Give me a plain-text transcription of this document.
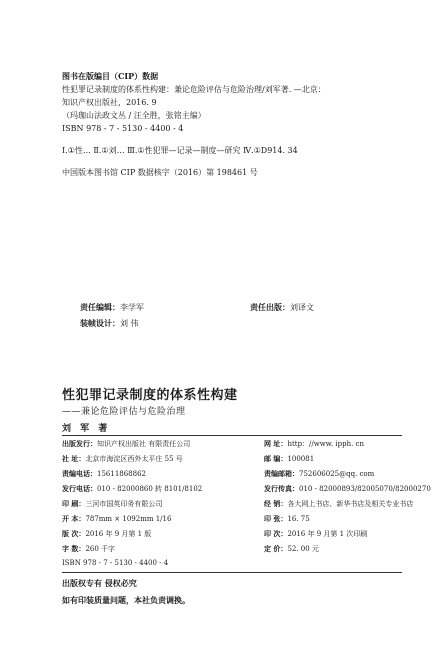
图书在版编目（CIP）数据
性犯罪记录制度的体系性构建：兼论危险评估与危险治理/刘军著. —北京：
知识产权出版社，2016. 9
（玛珈山法政文丛 / 汪全胜，张铭主编）
ISBN 978 - 7 - 5130 - 4400 - 4
Ⅰ.①性… Ⅱ.①刘… Ⅲ.①性犯罪—记录—制度—研究 Ⅳ.①D914. 34
中国版本图书馆 CIP 数据核字（2016）第 198461 号
责任编辑：李学军	责任出版：刘译文
装帧设计：刘 伟
性犯罪记录制度的体系性构建
——兼论危险评估与危险治理
刘 军 著
出版发行：知识产权出版社 有限责任公司	网 址：http：//www. ipph. cn
社 址：北京市海淀区西外太平庄 55 号	邮 编：100081
责编电话：15611868862	责编邮箱：752606025@qq. com
发行电话：010 - 82000860 转 8101/8102	发行传真：010 - 82000893/82005070/82000270
印 刷：三河市国英印务有限公司	经 销：各大网上书店、新华书店及相关专业书店
开 本：787mm × 1092mm 1/16	印 张：16. 75
版 次：2016 年 9 月第 1 版	印 次：2016 年 9 月第 1 次印刷
字 数：260 千字	定 价：52. 00 元
ISBN 978 - 7 - 5130 - 4400 - 4
出版权专有 侵权必究
如有印装质量问题，本社负责调换。
